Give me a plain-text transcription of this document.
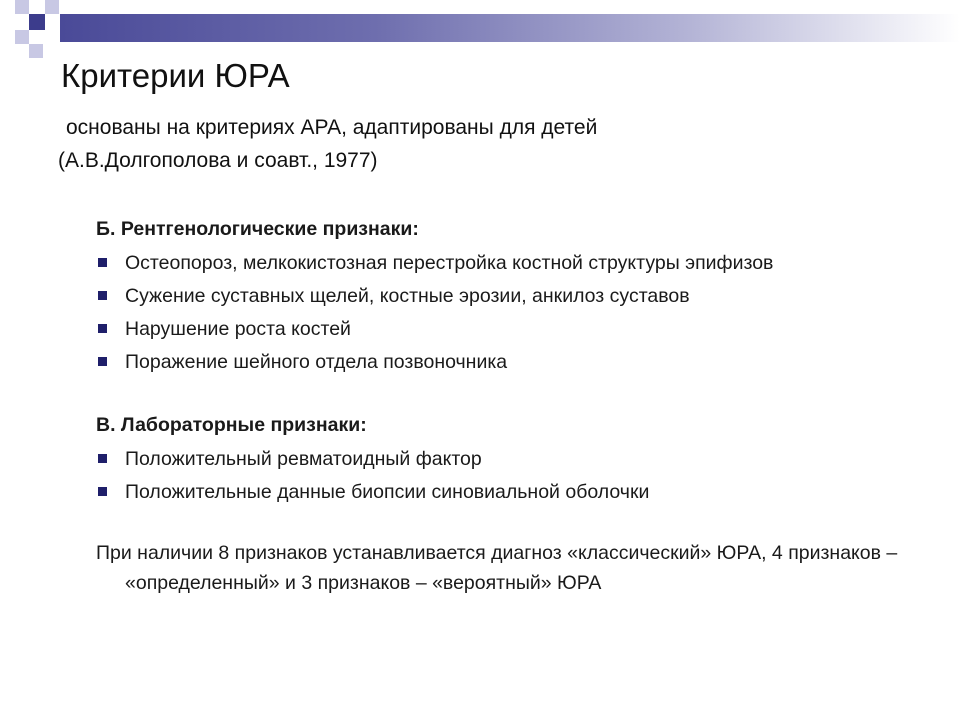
Критерии ЮРА

основаны на критериях АРА, адаптированы для детей
(А.В.Долгополова и соавт., 1977)

Б. Рентгенологические признаки:

Остеопороз, мелкокистозная перестройка костной структуры эпифизов
Сужение суставных щелей, костные эрозии, анкилоз суставов
Нарушение роста костей
Поражение шейного отдела позвоночника

В. Лабораторные признаки:

Положительный ревматоидный фактор
Положительные данные биопсии синовиальной оболочки

При наличии 8 признаков устанавливается диагноз «классический» ЮРА, 4 признаков – «определенный» и 3 признаков – «вероятный» ЮРА
